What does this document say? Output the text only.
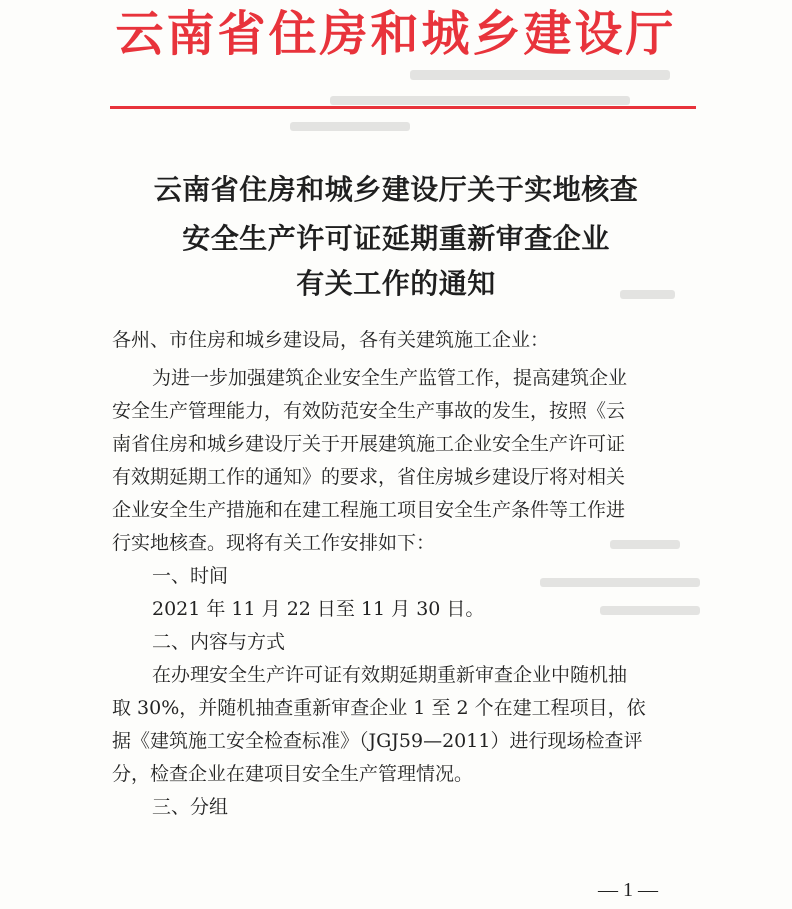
云南省住房和城乡建设厅
云南省住房和城乡建设厅关于实地核查
安全生产许可证延期重新审查企业
有关工作的通知
各州、市住房和城乡建设局，各有关建筑施工企业：
为进一步加强建筑企业安全生产监管工作，提高建筑企业
安全生产管理能力，有效防范安全生产事故的发生，按照《云
南省住房和城乡建设厅关于开展建筑施工企业安全生产许可证
有效期延期工作的通知》的要求，省住房城乡建设厅将对相关
企业安全生产措施和在建工程施工项目安全生产条件等工作进
行实地核查。现将有关工作安排如下：
一、时间
2021 年 11 月 22 日至 11 月 30 日。
二、内容与方式
在办理安全生产许可证有效期延期重新审查企业中随机抽
取 30%，并随机抽查重新审查企业 1 至 2 个在建工程项目，依
据《建筑施工安全检查标准》（JGJ59—2011）进行现场检查评
分，检查企业在建项目安全生产管理情况。
三、分组
— 1 —
